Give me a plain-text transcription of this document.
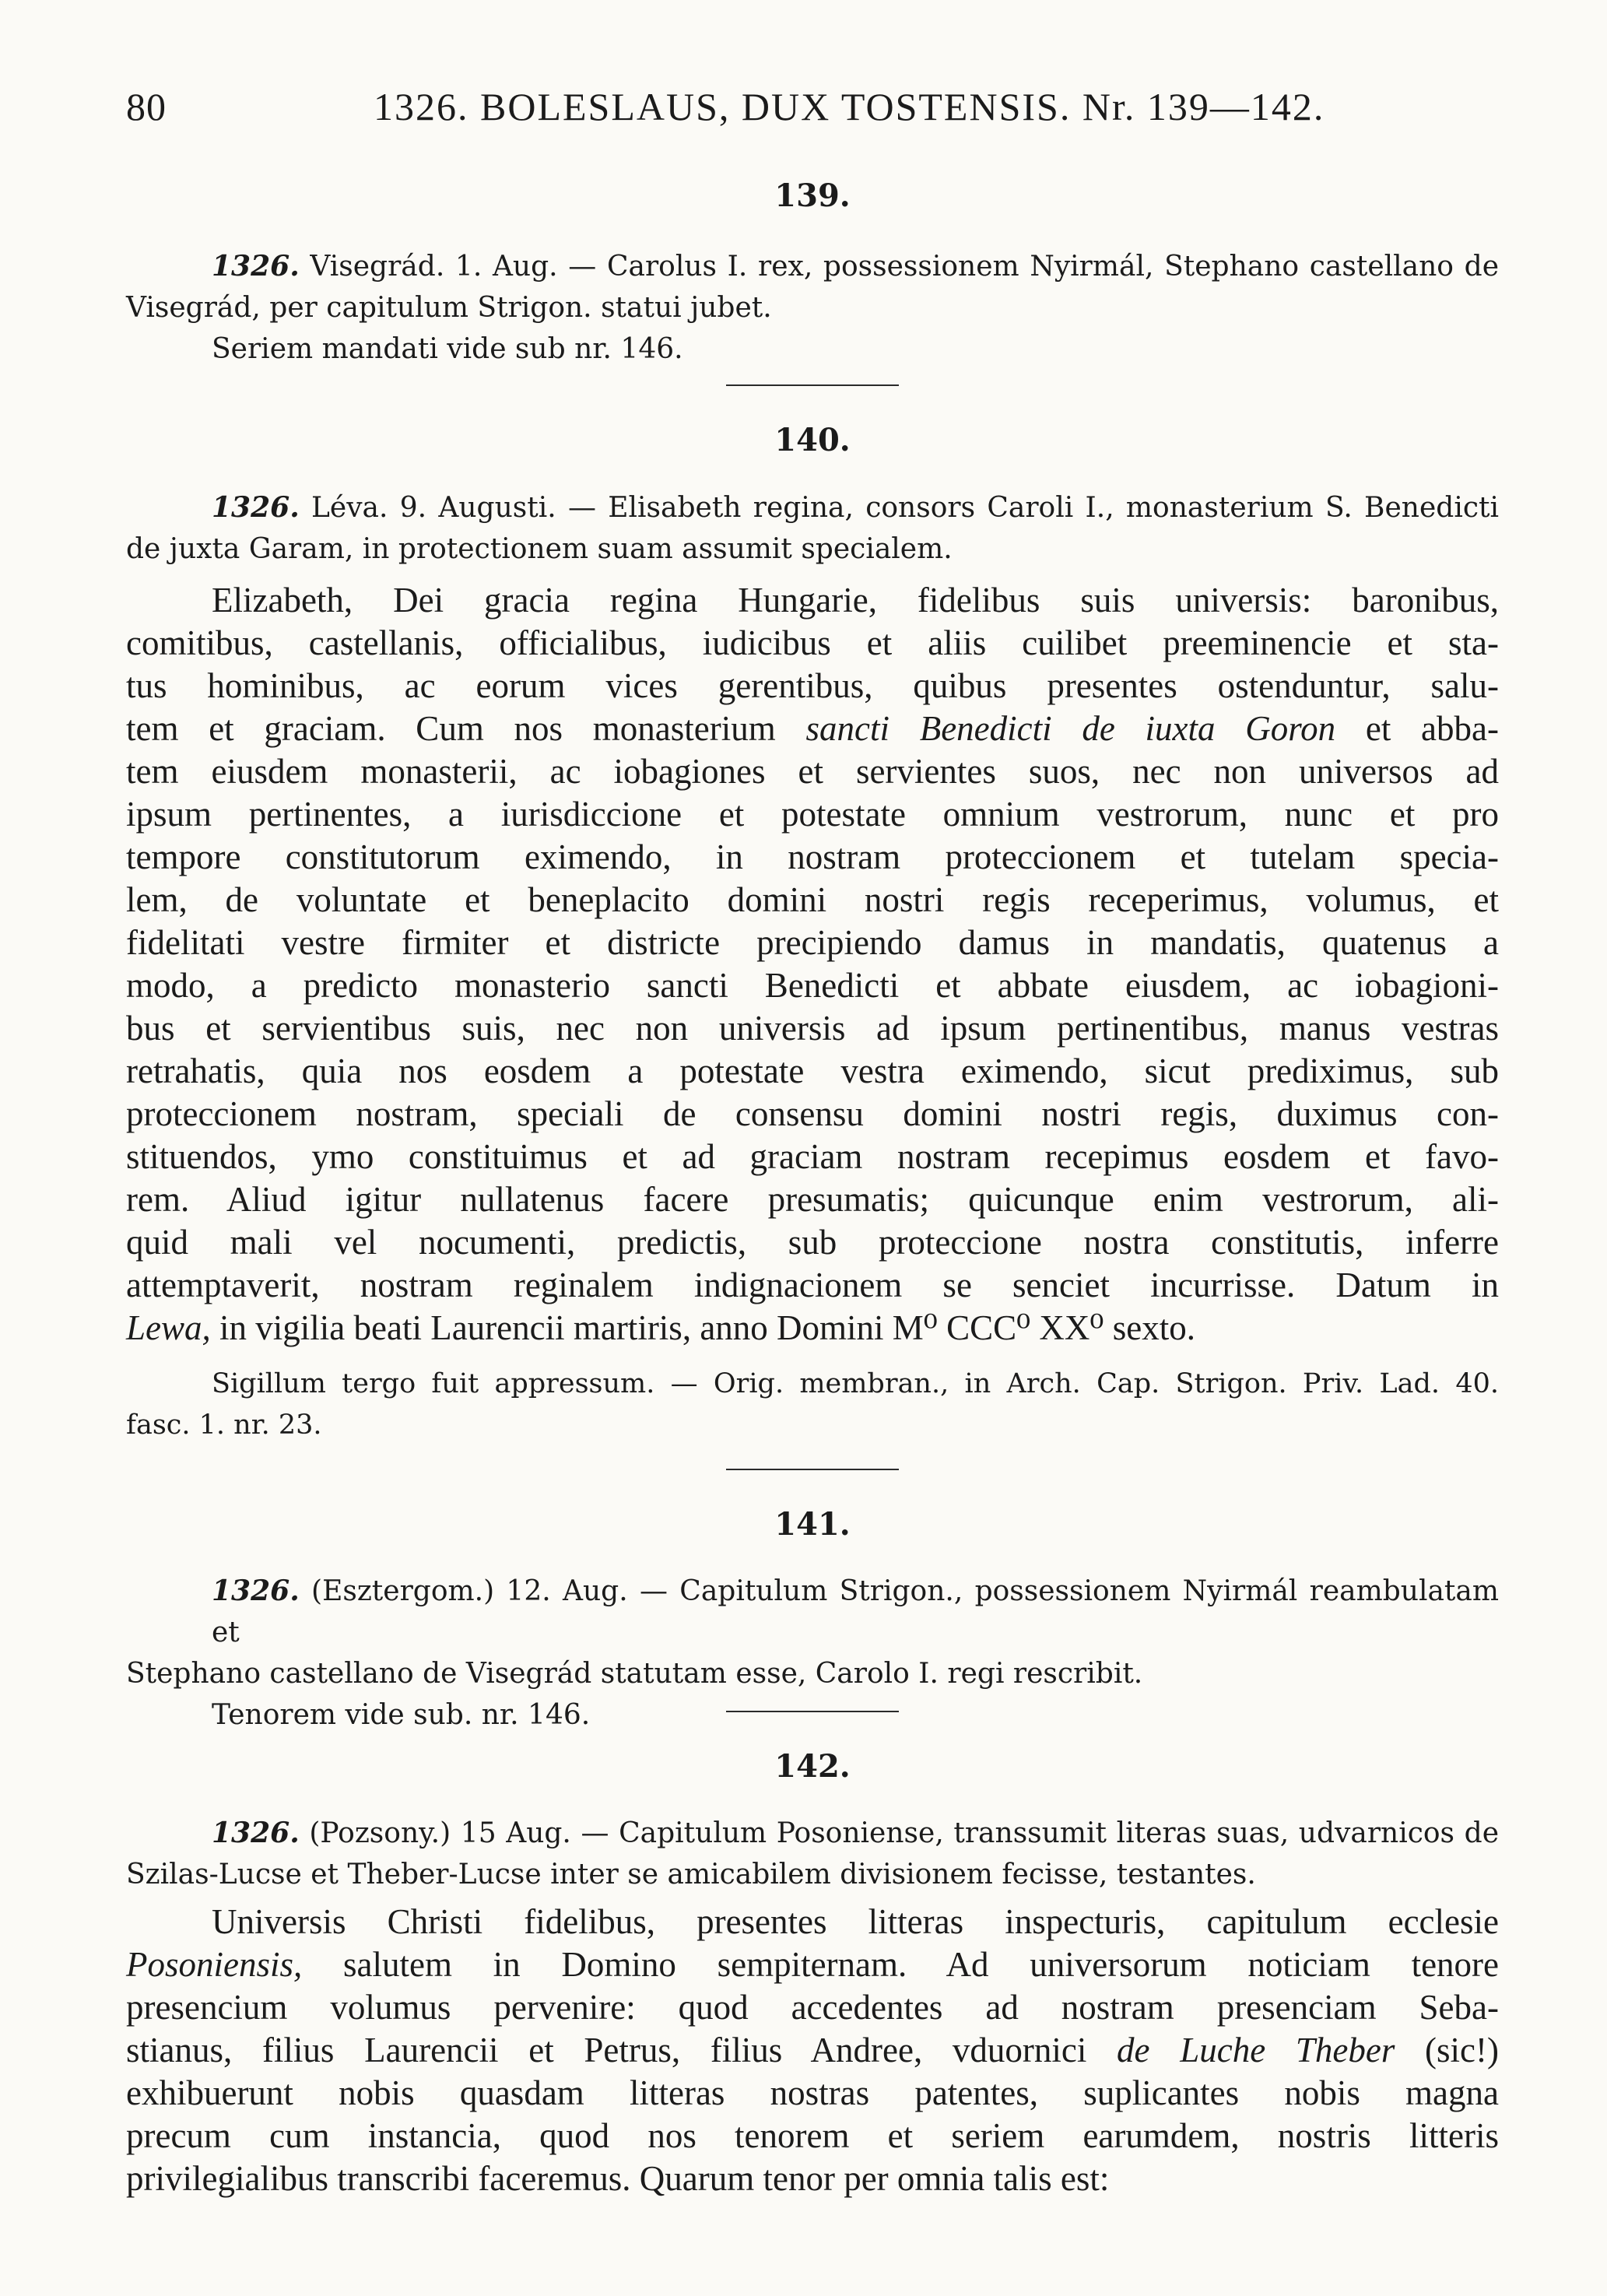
80	1326. BOLESLAUS, DUX TOSTENSIS. Nr. 139—142.
139.
1326. Visegrád. 1. Aug. — Carolus I. rex, possessionem Nyirmál, Stephano castellano de
Visegrád, per capitulum Strigon. statui jubet.
Seriem mandati vide sub nr. 146.
140.
1326. Léva. 9. Augusti. — Elisabeth regina, consors Caroli I., monasterium S. Benedicti
de juxta Garam, in protectionem suam assumit specialem.
Elizabeth, Dei gracia regina Hungarie, fidelibus suis universis: baronibus,
comitibus, castellanis, officialibus, iudicibus et aliis cuilibet preeminencie et sta-
tus hominibus, ac eorum vices gerentibus, quibus presentes ostenduntur, salu-
tem et graciam. Cum nos monasterium sancti Benedicti de iuxta Goron et abba-
tem eiusdem monasterii, ac iobagiones et servientes suos, nec non universos ad
ipsum pertinentes, a iurisdiccione et potestate omnium vestrorum, nunc et pro
tempore constitutorum eximendo, in nostram proteccionem et tutelam specia-
lem, de voluntate et beneplacito domini nostri regis receperimus, volumus, et
fidelitati vestre firmiter et districte precipiendo damus in mandatis, quatenus a
modo, a predicto monasterio sancti Benedicti et abbate eiusdem, ac iobagioni-
bus et servientibus suis, nec non universis ad ipsum pertinentibus, manus vestras
retrahatis, quia nos eosdem a potestate vestra eximendo, sicut prediximus, sub
proteccionem nostram, speciali de consensu domini nostri regis, duximus con-
stituendos, ymo constituimus et ad graciam nostram recepimus eosdem et favo-
rem. Aliud igitur nullatenus facere presumatis; quicunque enim vestrorum, ali-
quid mali vel nocumenti, predictis, sub proteccione nostra constitutis, inferre
attemptaverit, nostram reginalem indignacionem se senciet incurrisse. Datum in
Lewa, in vigilia beati Laurencii martiris, anno Domini M⁰ CCC⁰ XX⁰ sexto.
Sigillum tergo fuit appressum. — Orig. membran., in Arch. Cap. Strigon. Priv. Lad. 40.
fasc. 1. nr. 23.
141.
1326. (Esztergom.) 12. Aug. — Capitulum Strigon., possessionem Nyirmál reambulatam et
Stephano castellano de Visegrád statutam esse, Carolo I. regi rescribit.
Tenorem vide sub. nr. 146.
142.
1326. (Pozsony.) 15 Aug. — Capitulum Posoniense, transsumit literas suas, udvarnicos de
Szilas-Lucse et Theber-Lucse inter se amicabilem divisionem fecisse, testantes.
Universis Christi fidelibus, presentes litteras inspecturis, capitulum ecclesie
Posoniensis, salutem in Domino sempiternam. Ad universorum noticiam tenore
presencium volumus pervenire: quod accedentes ad nostram presenciam Seba-
stianus, filius Laurencii et Petrus, filius Andree, vduornici de Luche Theber (sic!)
exhibuerunt nobis quasdam litteras nostras patentes, suplicantes nobis magna
precum cum instancia, quod nos tenorem et seriem earumdem, nostris litteris
privilegialibus transcribi faceremus. Quarum tenor per omnia talis est:
